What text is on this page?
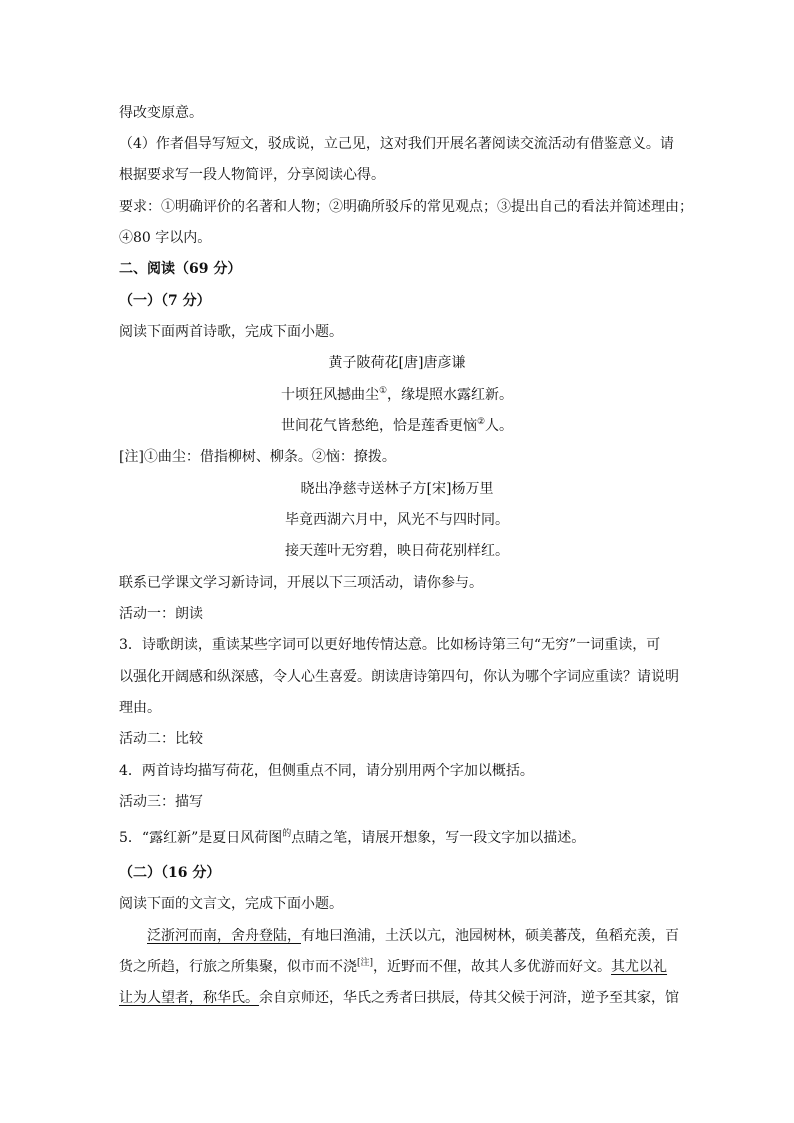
得改变原意。
（4）作者倡导写短文，驳成说，立己见，这对我们开展名著阅读交流活动有借鉴意义。请
根据要求写一段人物简评，分享阅读心得。
要求：①明确评价的名著和人物；②明确所驳斥的常见观点；③提出自己的看法并简述理由；
④80 字以内。
二、阅读（69 分）
（一）（7 分）
阅读下面两首诗歌，完成下面小题。
黄子陂荷花[唐]唐彦谦
十顷狂风撼曲尘①，缘堤照水露红新。
世间花气皆愁绝，恰是莲香更恼②人。
[注]①曲尘：借指柳树、柳条。②恼：撩拨。
晓出净慈寺送林子方[宋]杨万里
毕竟西湖六月中，风光不与四时同。
接天莲叶无穷碧，映日荷花别样红。
联系已学课文学习新诗词，开展以下三项活动，请你参与。
活动一：朗读
3．诗歌朗读，重读某些字词可以更好地传情达意。比如杨诗第三句“无穷”一词重读，可
以强化开阔感和纵深感，令人心生喜爱。朗读唐诗第四句，你认为哪个字词应重读？请说明
理由。
活动二：比较
4．两首诗均描写荷花，但侧重点不同，请分别用两个字加以概括。
活动三：描写
5．“露红新”是夏日风荷图$^的$点睛之笔，请展开想象，写一段文字加以描述。
（二）（16 分）
阅读下面的文言文，完成下面小题。
泛浙河而南，舍舟登陆，有地曰渔浦，土沃以亢，池园树林，硕美蕃茂，鱼稻充羡，百
货之所趋，行旅之所集聚，似市而不浇[注]，近野而不俚，故其人多优游而好文。其尤以礼
让为人望者，称华氏。余自京师还，华氏之秀者曰拱辰，侍其父候于河浒，逆予至其家，馆
